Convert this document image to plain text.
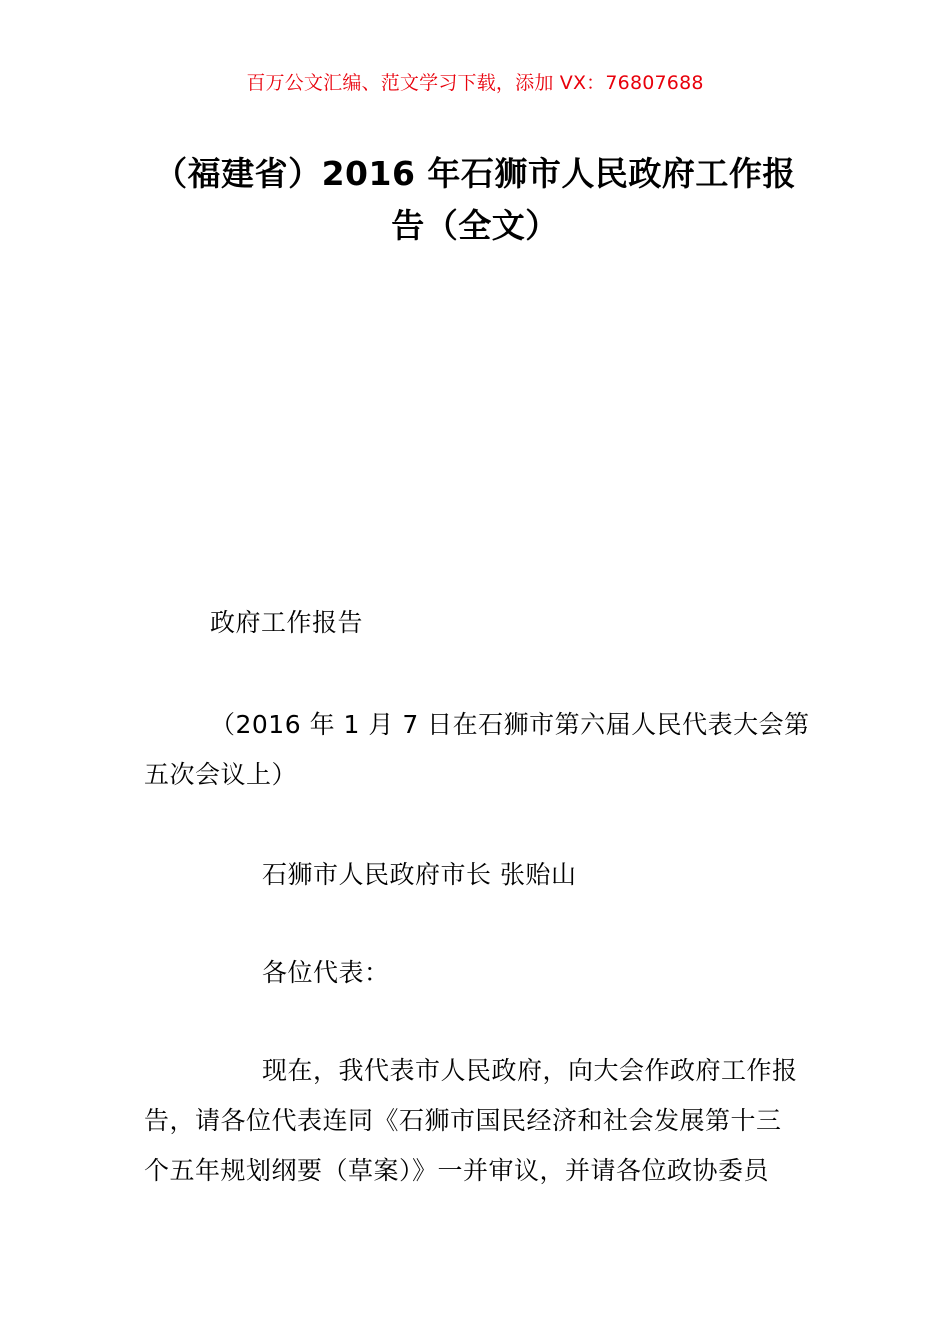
百万公文汇编、范文学习下载，添加 VX：76807688
（福建省）2016 年石狮市人民政府工作报
告（全文）
政府工作报告
（2016 年 1 月 7 日在石狮市第六届人民代表大会第
五次会议上）
石狮市人民政府市长 张贻山
各位代表：
现在，我代表市人民政府，向大会作政府工作报
告，请各位代表连同《石狮市国民经济和社会发展第十三
个五年规划纲要（草案）》一并审议，并请各位政协委员
